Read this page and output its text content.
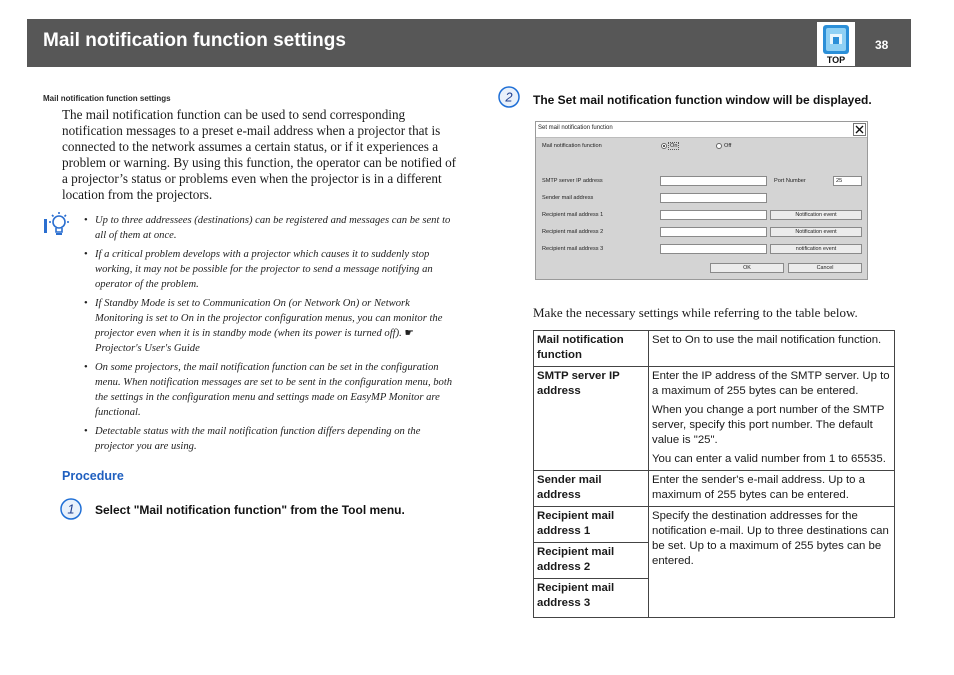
Mail notification function settings
TOP
38
Mail notification function settings

The mail notification function can be used to send corresponding notification messages to a preset e-mail address when a projector that is connected to the network assumes a certain status, or if it experiences a problem or warning. By using this function, the operator can be notified of a projector’s status or problems even when the projector is in a different location from the projectors.

• Up to three addressees (destinations) can be registered and messages can be sent to all of them at once.
• If a critical problem develops with a projector which causes it to suddenly stop working, it may not be possible for the projector to send a message notifying an operator of the problem.
• If Standby Mode is set to Communication On (or Network On) or Network Monitoring is set to On in the projector configuration menus, you can monitor the projector even when it is in standby mode (when its power is turned off). ☛ Projector's User's Guide
• On some projectors, the mail notification function can be set in the configuration menu. When notification messages are set to be sent in the configuration menu, both the settings in the configuration menu and settings made on EasyMP Monitor are functional.
• Detectable status with the mail notification function differs depending on the projector you are using.
Procedure
1 Select "Mail notification function" from the Tool menu.
2 The Set mail notification function window will be displayed.
Set mail notification function
Mail notification function	On	Off
SMTP server IP address	Port Number	25
Sender mail address
Recipient mail address 1	Notification event
Recipient mail address 2	Notification event
Recipient mail address 3	notification event
OK	Cancel
Make the necessary settings while referring to the table below.
Mail notification function	Set to On to use the mail notification function.
SMTP server IP address	Enter the IP address of the SMTP server. Up to a maximum of 255 bytes can be entered.

When you change a port number of the SMTP server, specify this port number. The default value is "25".

You can enter a valid number from 1 to 65535.

Sender mail address	Enter the sender's e-mail address. Up to a maximum of 255 bytes can be entered.
Recipient mail address 1	Specify the destination addresses for the notification e-mail. Up to three destinations can be set. Up to a maximum of 255 bytes can be entered.
Recipient mail address 2	
Recipient mail address 3	
